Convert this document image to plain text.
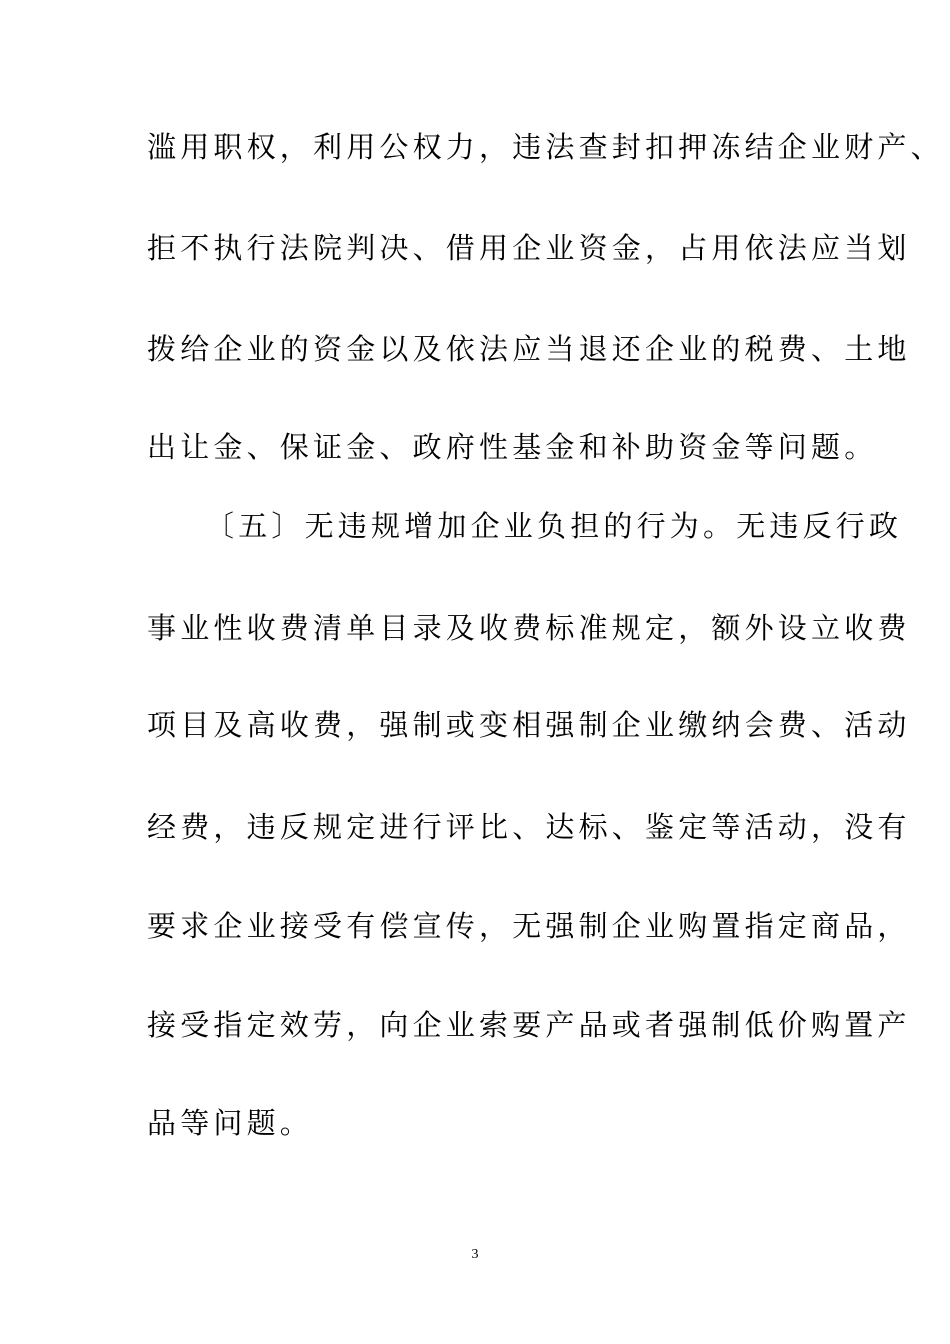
滥用职权，利用公权力，违法查封扣押冻结企业财产、
拒不执行法院判决、借用企业资金，占用依法应当划
拨给企业的资金以及依法应当退还企业的税费、土地
出让金、保证金、政府性基金和补助资金等问题。
〔五〕无违规增加企业负担的行为。无违反行政
事业性收费清单目录及收费标准规定，额外设立收费
项目及高收费，强制或变相强制企业缴纳会费、活动
经费，违反规定进行评比、达标、鉴定等活动，没有
要求企业接受有偿宣传，无强制企业购置指定商品，
接受指定效劳，向企业索要产品或者强制低价购置产
品等问题。
3
